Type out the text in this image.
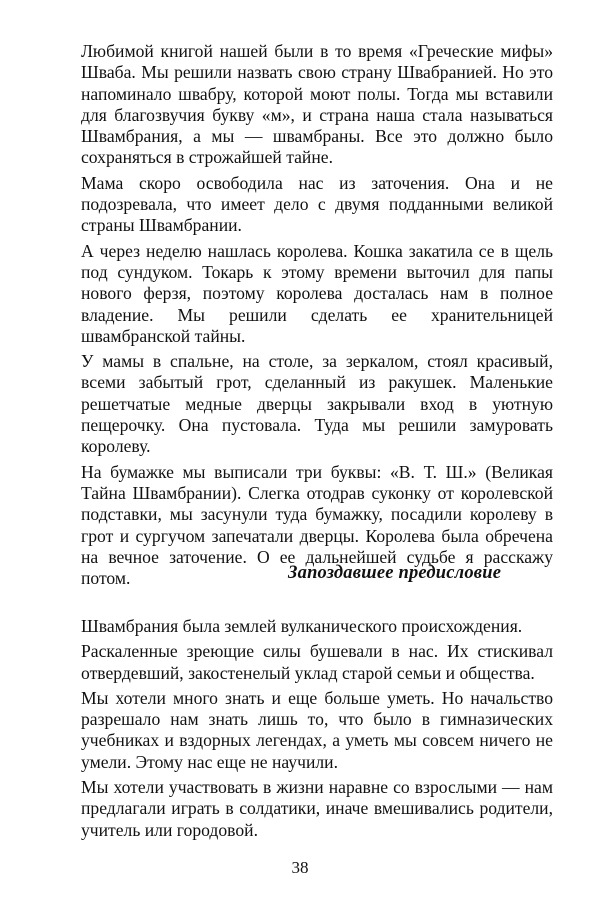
Любимой книгой нашей были в то время «Греческие мифы» Шваба. Мы решили назвать свою страну Швабранией. Но это напоминало швабру, которой моют полы. Тогда мы вставили для благозвучия букву «м», и страна наша стала называться Швамбрания, а мы — швамбраны. Все это должно было сохраняться в строжайшей тайне.

Мама скоро освободила нас из заточения. Она и не подозревала, что имеет дело с двумя подданными великой страны Швамбрании.

А через неделю нашлась королева. Кошка закатила се в щель под сундуком. Токарь к этому времени выточил для папы нового ферзя, поэтому королева досталась нам в полное владение. Мы решили сделать ее хранительницей швамбранской тайны.

У мамы в спальне, на столе, за зеркалом, стоял красивый, всеми забытый грот, сделанный из ракушек. Маленькие решетчатые медные дверцы закрывали вход в уютную пещерочку. Она пустовала. Туда мы решили замуровать королеву.

На бумажке мы выписали три буквы: «В. Т. Ш.» (Великая Тайна Швамбрании). Слегка отодрав суконку от королевской подставки, мы засунули туда бумажку, посадили королеву в грот и сургучом запечатали дверцы. Королева была обречена на вечное заточение. О ее дальнейшей судьбе я расскажу потом.	Запоздавшее предисловие

Швамбрания была землей вулканического происхождения.

Раскаленные зреющие силы бушевали в нас. Их стискивал отвердевший, закостенелый уклад старой семьи и общества.

Мы хотели много знать и еще больше уметь. Но начальство разрешало нам знать лишь то, что было в гимназических учебниках и вздорных легендах, а уметь мы совсем ничего не умели. Этому нас еще не научили.

Мы хотели участвовать в жизни наравне со взрослыми — нам предлагали играть в солдатики, иначе вмешивались родители, учитель или городовой.

38
